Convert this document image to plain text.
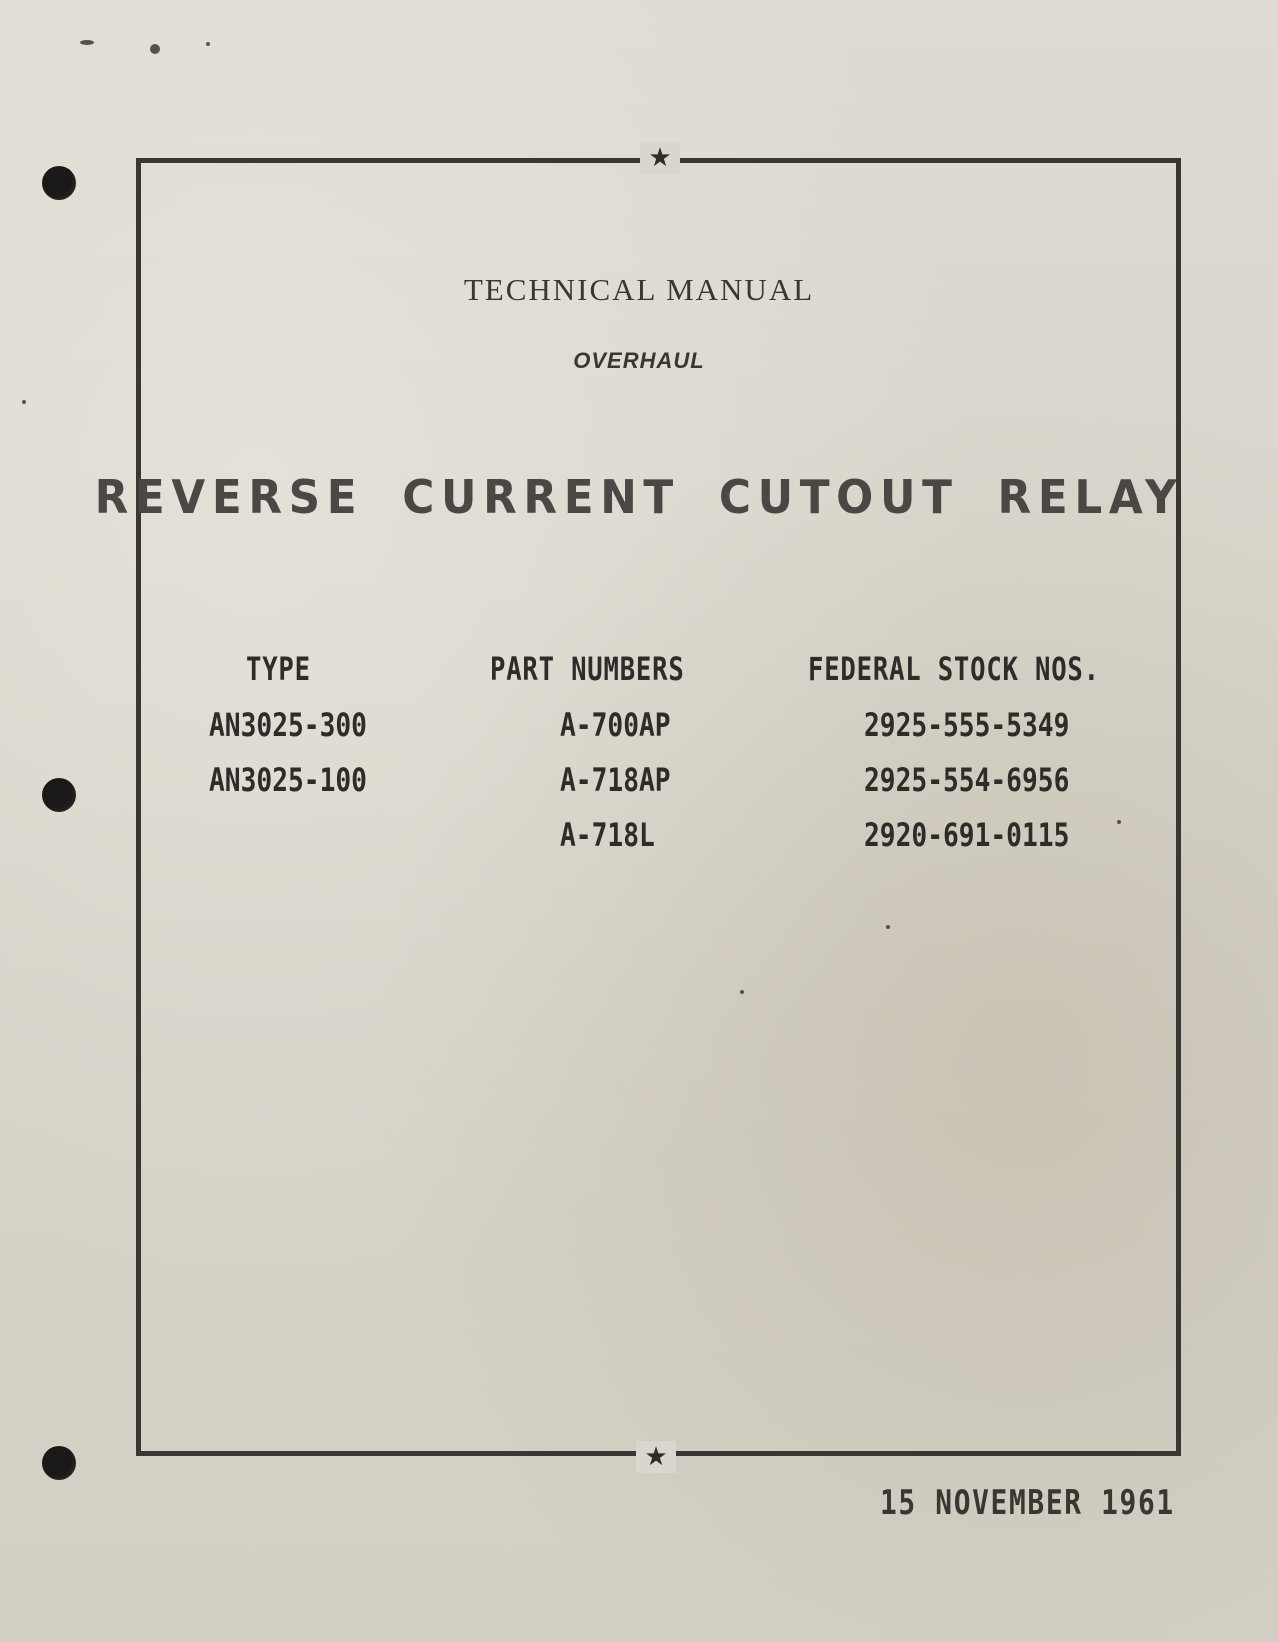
★
★
TECHNICAL MANUAL
OVERHAUL
REVERSE CURRENT CUTOUT RELAY
TYPE
AN3025-300
AN3025-100
PART NUMBERS
A-700AP
A-718AP
A-718L
FEDERAL STOCK NOS.
2925-555-5349
2925-554-6956
2920-691-0115
15 NOVEMBER 1961
